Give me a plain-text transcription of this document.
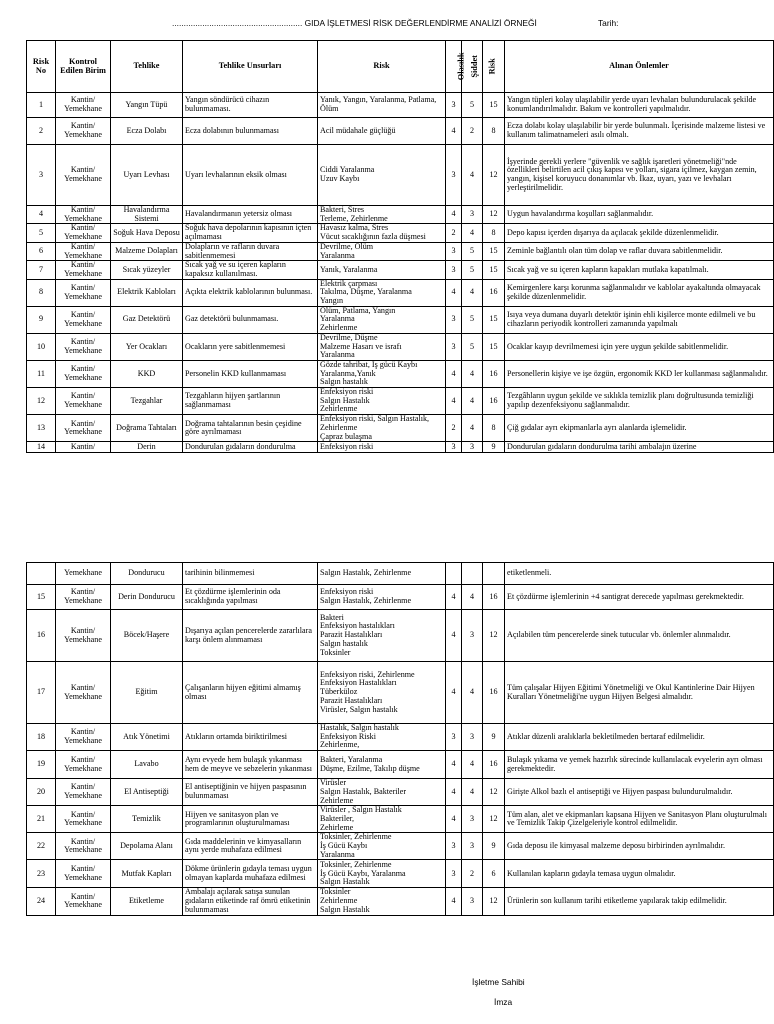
........................................................ GIDA İŞLETMESİ RİSK DEĞERLENDİRME ANALİZİ ÖRNEĞİ	Tarih:
Risk No	Kontrol Edilen Birim	Tehlike	Tehlike Unsurları	Risk	Olasılık	Şiddet	Risk	Alınan Önlemler
1	Kantin/ Yemekhane	Yangın Tüpü	Yangın söndürücü cihazın bulunmaması.	Yanık, Yangın, Yaralanma, Patlama, Ölüm	3	5	15	Yangın tüpleri kolay ulaşılabilir yerde uyarı levhaları bulundurulacak şekilde konumlandırılmalıdır. Bakım ve kontrolleri yapılmalıdır.
2	Kantin/ Yemekhane	Ecza Dolabı	Ecza dolabının bulunmaması	Acil müdahale güçlüğü	4	2	8	Ecza dolabı kolay ulaşılabilir bir yerde bulunmalı. İçerisinde malzeme listesi ve kullanım talimatnameleri asılı olmalı.
3	Kantin/ Yemekhane	Uyarı Levhası	Uyarı levhalarının eksik olması	Ciddi Yaralanma
Uzuv Kaybı	3	4	12	İşyerinde gerekli yerlere "güvenlik ve sağlık işaretleri yönetmeliği"nde özellikleri belirtilen acil çıkış kapısı ve yolları, sigara içilmez, kaygan zemin, yangın, kişisel koruyucu donanımlar vb. İkaz, uyarı, yazı ve levhaları yerleştirilmelidir.
4	Kantin/ Yemekhane	Havalandırma Sistemi	Havalandırmanın yetersiz olması	Bakteri, Stres
Terleme, Zehirlenme	4	3	12	Uygun havalandırma koşulları sağlanmalıdır.
5	Kantin/ Yemekhane	Soğuk Hava Deposu	Soğuk hava depolarının kapısının içten açılmaması	Havasız kalma, Stres
Vücut sıcaklığının fazla düşmesi	2	4	8	Depo kapısı içerden dışarıya da açılacak şekilde düzenlenmelidir.
6	Kantin/ Yemekhane	Malzeme Dolapları	Dolapların ve rafların duvara sabitlenmemesi	Devrilme, Ölüm
Yaralanma	3	5	15	Zeminle bağlantılı olan tüm dolap ve raflar duvara sabitlenmelidir.
7	Kantin/ Yemekhane	Sıcak yüzeyler	Sıcak yağ ve su içeren kapların kapaksız kullanılması.	Yanık, Yaralanma	3	5	15	Sıcak yağ ve su içeren kapların kapakları mutlaka kapatılmalı.
8	Kantin/ Yemekhane	Elektrik Kabloları	Açıkta elektrik kablolarının bulunması.	Elektrik çarpması
Takılma, Düşme, Yaralanma
Yangın	4	4	16	Kemirgenlere karşı korunma sağlanmalıdır ve kablolar ayakaltında olmayacak şekilde düzenlenmelidir.
9	Kantin/ Yemekhane	Gaz Detektörü	Gaz detektörü bulunmaması.	Ölüm, Patlama, Yangın
Yaralanma
Zehirlenme	3	5	15	Isıya veya dumana duyarlı detektör işinin ehli kişilerce monte edilmeli ve bu cihazların periyodik kontrolleri zamanında yapılmalı
10	Kantin/ Yemekhane	Yer Ocakları	Ocakların yere sabitlenmemesi	Devrilme, Düşme
Malzeme Hasarı ve israfı
Yaralanma	3	5	15	Ocaklar kayıp devrilmemesi için yere uygun şekilde sabitlenmelidir.
11	Kantin/ Yemekhane	KKD	Personelin KKD kullanmaması	Gözde tahribat, İş gücü Kaybı
Yaralanma,Yanık
Salgın hastalık	4	4	16	Personellerin kişiye ve işe özgün, ergonomik KKD ler kullanması sağlanmalıdır.
12	Kantin/ Yemekhane	Tezgahlar	Tezgahların hijyen şartlarının sağlanmaması	Enfeksiyon riski
Salgın Hastalık
Zehirlenme	4	4	16	Tezgâhların uygun şekilde ve sıklıkla temizlik planı doğrultusunda temizliği yapılıp dezenfeksiyonu sağlanmalıdır.
13	Kantin/ Yemekhane	Doğrama Tahtaları	Doğrama tahtalarının besin çeşidine göre ayrılmaması	Enfeksiyon riski, Salgın Hastalık, Zehirlenme
Çapraz bulaşma	2	4	8	Çiğ gıdalar ayrı ekipmanlarla ayrı alanlarda işlemelidir.
14	Kantin/	Derin	Dondurulan gıdaların dondurulma	Enfeksiyon riski	3	3	9	Dondurulan gıdaların dondurulma tarihi ambalajın üzerine
	Yemekhane	Dondurucu	tarihinin bilinmemesi	Salgın Hastalık, Zehirlenme				etiketlenmeli.
15	Kantin/ Yemekhane	Derin Dondurucu	Et çözdürme işlemlerinin oda sıcaklığında yapılması	Enfeksiyon riski
Salgın Hastalık, Zehirlenme	4	4	16	Et çözdürme işlemlerinin +4 santigrat derecede yapılması gerekmektedir.
16	Kantin/ Yemekhane	Böcek/Haşere	Dışarıya açılan pencerelerde zararlılara karşı önlem alınmaması	Bakteri
Enfeksiyon hastalıkları
Parazit Hastalıkları
Salgın hastalık
Toksinler	4	3	12	Açılabilen tüm pencerelerde sinek tutucular vb. önlemler alınmalıdır.
17	Kantin/ Yemekhane	Eğitim	Çalışanların hijyen eğitimi almamış olması	Enfeksiyon riski, Zehirlenme
Enfeksiyon Hastalıkları
Tüberküloz
Parazit Hastalıkları
Virüsler, Salgın hastalık	4	4	16	Tüm çalışalar Hijyen Eğitimi Yönetmeliği ve Okul Kantinlerine Dair Hijyen Kuralları Yönetmeliği'ne uygun Hijyen Belgesi almalıdır.
18	Kantin/ Yemekhane	Atık Yönetimi	Atıkların ortamda biriktirilmesi	Hastalık, Salgın hastalık
Enfeksiyon Riski
Zehirlenme,	3	3	9	Atıklar düzenli aralıklarla bekletilmeden bertaraf edilmelidir.
19	Kantin/ Yemekhane	Lavabo	Aynı evyede hem bulaşık yıkanması hem de meyve ve sebzelerin yıkanması	Bakteri, Yaralanma
Düşme, Ezilme, Takılıp düşme	4	4	16	Bulaşık yıkama ve yemek hazırlık sürecinde kullanılacak evyelerin ayrı olması gerekmektedir.
20	Kantin/ Yemekhane	El Antiseptiği	El antiseptiğinin ve hijyen paspasının bulunmaması	Virüsler
Salgın Hastalık, Bakteriler
Zehirleme	4	4	12	Girişte Alkol bazlı el antiseptiği ve Hijyen paspası bulundurulmalıdır.
21	Kantin/ Yemekhane	Temizlik	Hijyen ve sanitasyon plan ve programlarının oluşturulmaması	Virüsler , Salgın Hastalık
Bakteriler,
Zehirleme	4	3	12	Tüm alan, alet ve ekipmanları kapsana Hijyen ve Sanitasyon Planı oluşturulmalı ve Temizlik Takip Çizelgeleriyle kontrol edilmelidir.
22	Kantin/ Yemekhane	Depolama Alanı	Gıda maddelerinin ve kimyasalların aynı yerde muhafaza edilmesi	Toksinler, Zehirlenme
İş Gücü Kaybı
Yaralanma	3	3	9	Gıda deposu ile kimyasal malzeme deposu birbirinden ayrılmalıdır.
23	Kantin/ Yemekhane	Mutfak Kapları	Dökme ürünlerin gıdayla teması uygun olmayan kaplarda muhafaza edilmesi	Toksinler, Zehirlenme
İş Gücü Kaybı, Yaralanma
Salgın Hastalık	3	2	6	Kullanılan kapların gıdayla temasa uygun olmalıdır.
24	Kantin/ Yemekhane	Etiketleme	Ambalajı açılarak satışa sunulan gıdaların etiketinde raf ömrü etiketinin bulunmaması	Toksinler
Zehirlenme
Salgın Hastalık	4	3	12	Ürünlerin son kullanım tarihi etiketleme yapılarak takip edilmelidir.
İşletme Sahibi
İmza
